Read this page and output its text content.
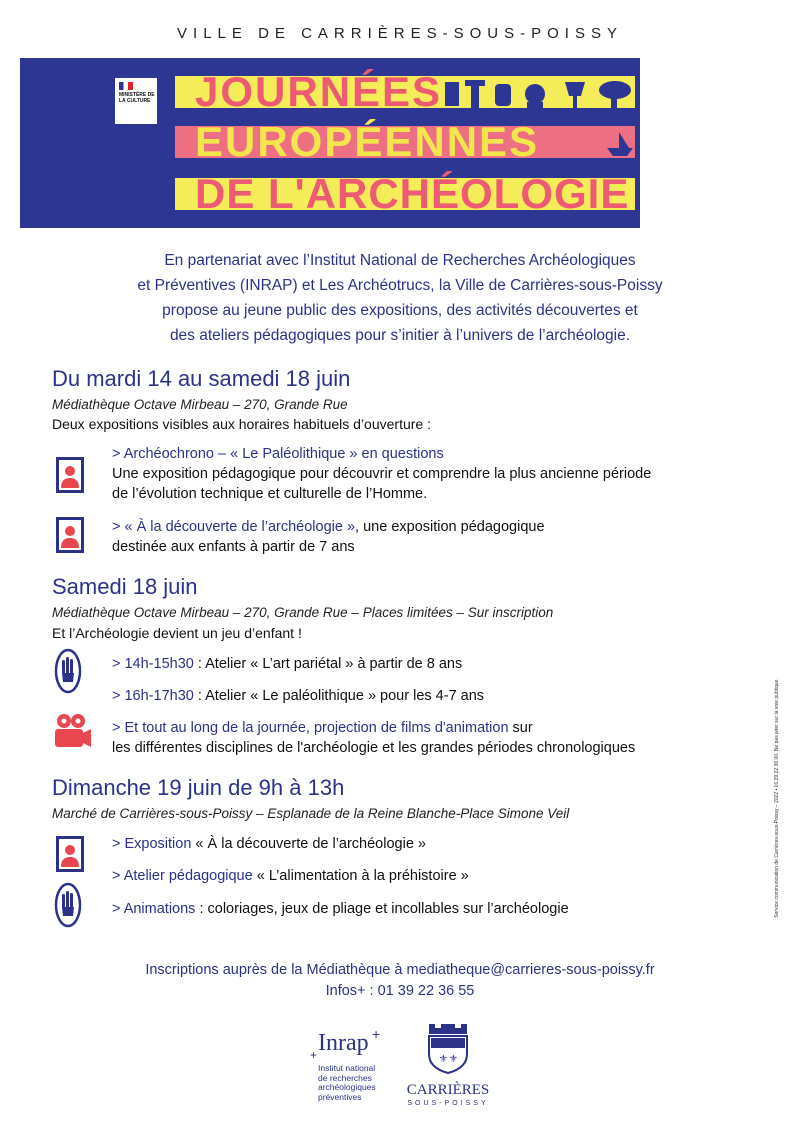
VILLE DE CARRIÈRES-SOUS-POISSY
JOURNÉES
EUROPÉENNES
DE L'ARCHÉOLOGIE
MINISTÈRE DE LA CULTURE
En partenariat avec l’Institut National de Recherches Archéologiques
et Préventives (INRAP) et Les Archéotrucs, la Ville de Carrières-sous-Poissy
propose au jeune public des expositions, des activités découvertes et
des ateliers pédagogiques pour s’initier à l’univers de l’archéologie.
Du mardi 14 au samedi 18 juin
Médiathèque Octave Mirbeau – 270, Grande Rue
Deux expositions visibles aux horaires habituels d’ouverture :
> Archéochrono – « Le Paléolithique » en questions
Une exposition pédagogique pour découvrir et comprendre la plus ancienne période
de l’évolution technique et culturelle de l’Homme.
> « À la découverte de l’archéologie », une exposition pédagogique
destinée aux enfants à partir de 7 ans
Samedi 18 juin
Médiathèque Octave Mirbeau – 270, Grande Rue – Places limitées – Sur inscription
Et l’Archéologie devient un jeu d’enfant !
> 14h-15h30 : Atelier « L’art pariétal » à partir de 8 ans
> 16h-17h30 : Atelier « Le paléolithique » pour les 4-7 ans
> Et tout au long de la journée, projection de films d'animation sur
les différentes disciplines de l'archéologie et les grandes périodes chronologiques
Dimanche 19 juin de 9h à 13h
Marché de Carrières-sous-Poissy – Esplanade de la Reine Blanche-Place Simone Veil
> Exposition « À la découverte de l’archéologie »
> Atelier pédagogique « L’alimentation à la préhistoire »
> Animations : coloriages, jeux de pliage et incollables sur l’archéologie
Inscriptions auprès de la Médiathèque à mediatheque@carrieres-sous-poissy.fr
Infos+ : 01 39 22 36 55
Inrap +
+
Institut national
de recherches
archéologiques
préventives
⚜ ⚜
CARRIÈRES
SOUS-POISSY
Service communication de Carrières-sous-Poissy – 2022 • 01 39 22 36 00. Ne pas jeter sur la voie publique.
